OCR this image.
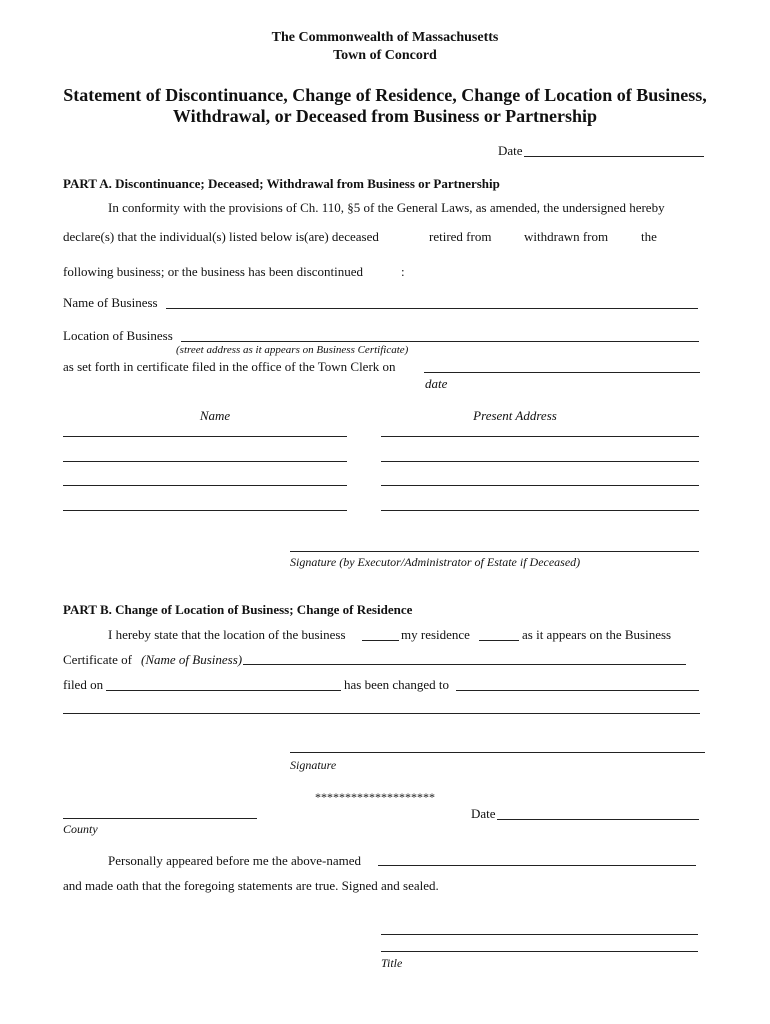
The Commonwealth of Massachusetts
Town of Concord
Statement of Discontinuance, Change of Residence, Change of Location of Business,
Withdrawal, or Deceased from Business or Partnership
Date
PART A. Discontinuance; Deceased; Withdrawal from Business or Partnership
In conformity with the provisions of Ch. 110, §5 of the General Laws, as amended, the undersigned hereby
declare(s) that the individual(s) listed below is(are) deceased	retired from	withdrawn from	the
following business; or the business has been discontinued	:
Name of Business
Location of Business
(street address as it appears on Business Certificate)
as set forth in certificate filed in the office of the Town Clerk on
date
Name	Present Address
Signature (by Executor/Administrator of Estate if Deceased)
PART B. Change of Location of Business; Change of Residence
I hereby state that the location of the business	my residence	as it appears on the Business
Certificate of (Name of Business)
filed on	has been changed to
Signature
********************
County
Date
Personally appeared before me the above-named
and made oath that the foregoing statements are true. Signed and sealed.
Title
